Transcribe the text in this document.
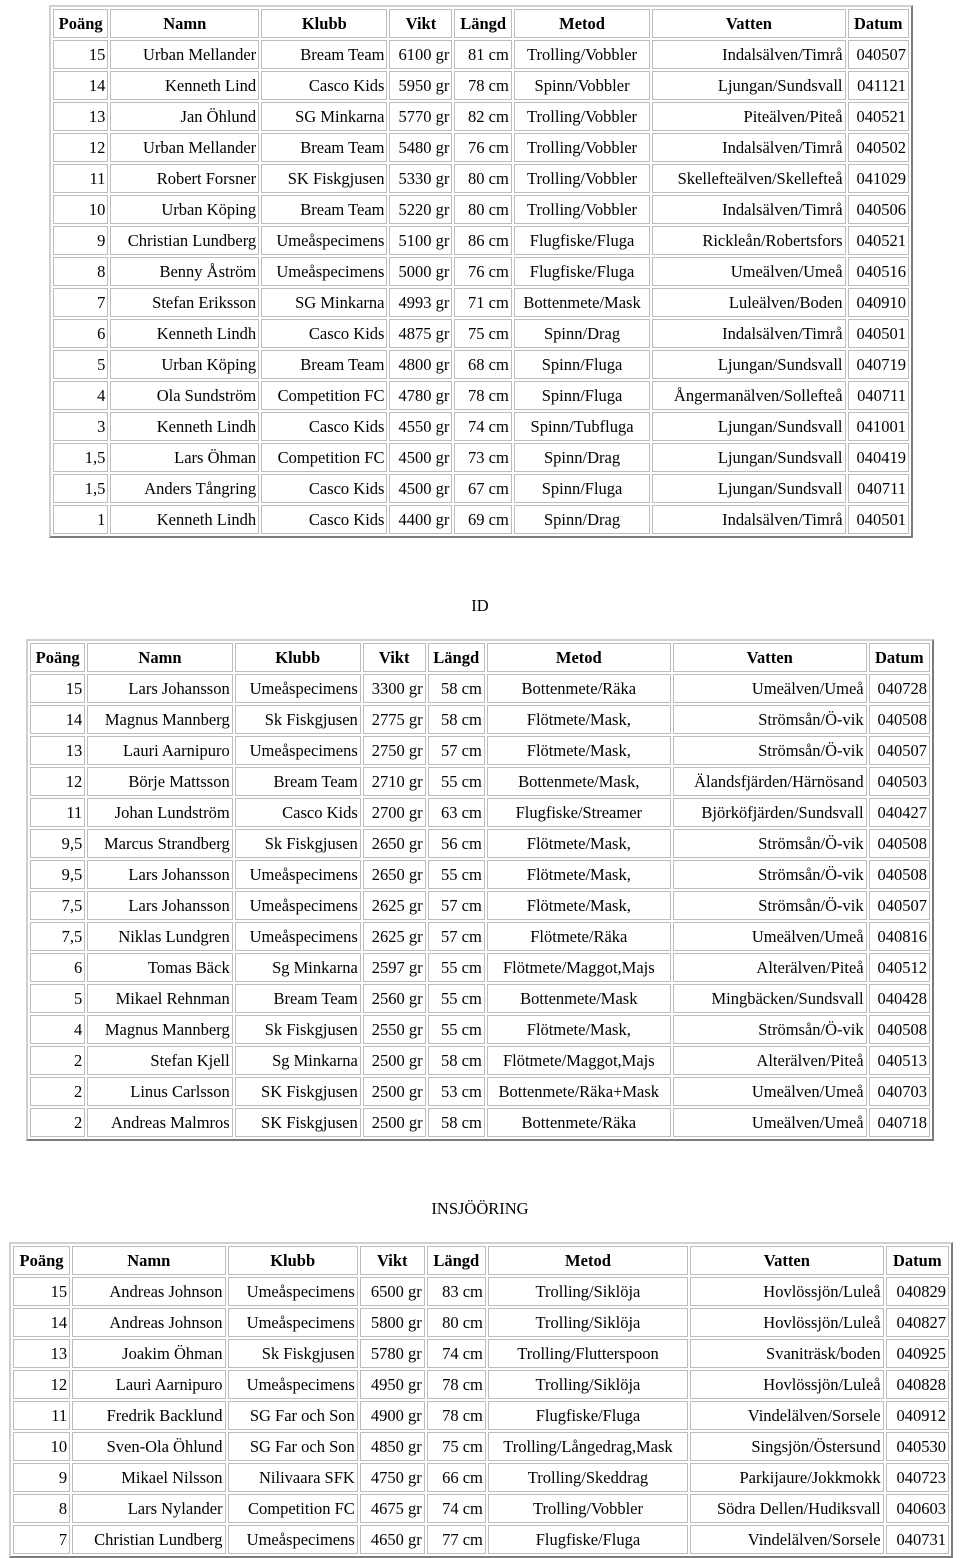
Poäng	Namn	Klubb	Vikt	Längd	Metod	Vatten	Datum
15	Urban Mellander	Bream Team	6100 gr	81 cm	Trolling/Vobbler	Indalsälven/Timrå	040507
14	Kenneth Lind	Casco Kids	5950 gr	78 cm	Spinn/Vobbler	Ljungan/Sundsvall	041121
13	Jan Öhlund	SG Minkarna	5770 gr	82 cm	Trolling/Vobbler	Piteälven/Piteå	040521
12	Urban Mellander	Bream Team	5480 gr	76 cm	Trolling/Vobbler	Indalsälven/Timrå	040502
11	Robert Forsner	SK Fiskgjusen	5330 gr	80 cm	Trolling/Vobbler	Skellefteälven/Skellefteå	041029
10	Urban Köping	Bream Team	5220 gr	80 cm	Trolling/Vobbler	Indalsälven/Timrå	040506
9	Christian Lundberg	Umeåspecimens	5100 gr	86 cm	Flugfiske/Fluga	Rickleån/Robertsfors	040521
8	Benny Åström	Umeåspecimens	5000 gr	76 cm	Flugfiske/Fluga	Umeälven/Umeå	040516
7	Stefan Eriksson	SG Minkarna	4993 gr	71 cm	Bottenmete/Mask	Luleälven/Boden	040910
6	Kenneth Lindh	Casco Kids	4875 gr	75 cm	Spinn/Drag	Indalsälven/Timrå	040501
5	Urban Köping	Bream Team	4800 gr	68 cm	Spinn/Fluga	Ljungan/Sundsvall	040719
4	Ola Sundström	Competition FC	4780 gr	78 cm	Spinn/Fluga	Ångermanälven/Sollefteå	040711
3	Kenneth Lindh	Casco Kids	4550 gr	74 cm	Spinn/Tubfluga	Ljungan/Sundsvall	041001
1,5	Lars Öhman	Competition FC	4500 gr	73 cm	Spinn/Drag	Ljungan/Sundsvall	040419
1,5	Anders Tångring	Casco Kids	4500 gr	67 cm	Spinn/Fluga	Ljungan/Sundsvall	040711
1	Kenneth Lindh	Casco Kids	4400 gr	69 cm	Spinn/Drag	Indalsälven/Timrå	040501
ID
Poäng	Namn	Klubb	Vikt	Längd	Metod	Vatten	Datum
15	Lars Johansson	Umeåspecimens	3300 gr	58 cm	Bottenmete/Räka	Umeälven/Umeå	040728
14	Magnus Mannberg	Sk Fiskgjusen	2775 gr	58 cm	Flötmete/Mask,	Strömsån/Ö-vik	040508
13	Lauri Aarnipuro	Umeåspecimens	2750 gr	57 cm	Flötmete/Mask,	Strömsån/Ö-vik	040507
12	Börje Mattsson	Bream Team	2710 gr	55 cm	Bottenmete/Mask,	Älandsfjärden/Härnösand	040503
11	Johan Lundström	Casco Kids	2700 gr	63 cm	Flugfiske/Streamer	Björköfjärden/Sundsvall	040427
9,5	Marcus Strandberg	Sk Fiskgjusen	2650 gr	56 cm	Flötmete/Mask,	Strömsån/Ö-vik	040508
9,5	Lars Johansson	Umeåspecimens	2650 gr	55 cm	Flötmete/Mask,	Strömsån/Ö-vik	040508
7,5	Lars Johansson	Umeåspecimens	2625 gr	57 cm	Flötmete/Mask,	Strömsån/Ö-vik	040507
7,5	Niklas Lundgren	Umeåspecimens	2625 gr	57 cm	Flötmete/Räka	Umeälven/Umeå	040816
6	Tomas Bäck	Sg Minkarna	2597 gr	55 cm	Flötmete/Maggot,Majs	Alterälven/Piteå	040512
5	Mikael Rehnman	Bream Team	2560 gr	55 cm	Bottenmete/Mask	Mingbäcken/Sundsvall	040428
4	Magnus Mannberg	Sk Fiskgjusen	2550 gr	55 cm	Flötmete/Mask,	Strömsån/Ö-vik	040508
2	Stefan Kjell	Sg Minkarna	2500 gr	58 cm	Flötmete/Maggot,Majs	Alterälven/Piteå	040513
2	Linus Carlsson	SK Fiskgjusen	2500 gr	53 cm	Bottenmete/Räka+Mask	Umeälven/Umeå	040703
2	Andreas Malmros	SK Fiskgjusen	2500 gr	58 cm	Bottenmete/Räka	Umeälven/Umeå	040718
INSJÖÖRING
Poäng	Namn	Klubb	Vikt	Längd	Metod	Vatten	Datum
15	Andreas Johnson	Umeåspecimens	6500 gr	83 cm	Trolling/Siklöja	Hovlössjön/Luleå	040829
14	Andreas Johnson	Umeåspecimens	5800 gr	80 cm	Trolling/Siklöja	Hovlössjön/Luleå	040827
13	Joakim Öhman	Sk Fiskgjusen	5780 gr	74 cm	Trolling/Flutterspoon	Svaniträsk/boden	040925
12	Lauri Aarnipuro	Umeåspecimens	4950 gr	78 cm	Trolling/Siklöja	Hovlössjön/Luleå	040828
11	Fredrik Backlund	SG Far och Son	4900 gr	78 cm	Flugfiske/Fluga	Vindelälven/Sorsele	040912
10	Sven-Ola Öhlund	SG Far och Son	4850 gr	75 cm	Trolling/Långedrag,Mask	Singsjön/Östersund	040530
9	Mikael Nilsson	Nilivaara SFK	4750 gr	66 cm	Trolling/Skeddrag	Parkijaure/Jokkmokk	040723
8	Lars Nylander	Competition FC	4675 gr	74 cm	Trolling/Vobbler	Södra Dellen/Hudiksvall	040603
7	Christian Lundberg	Umeåspecimens	4650 gr	77 cm	Flugfiske/Fluga	Vindelälven/Sorsele	040731
